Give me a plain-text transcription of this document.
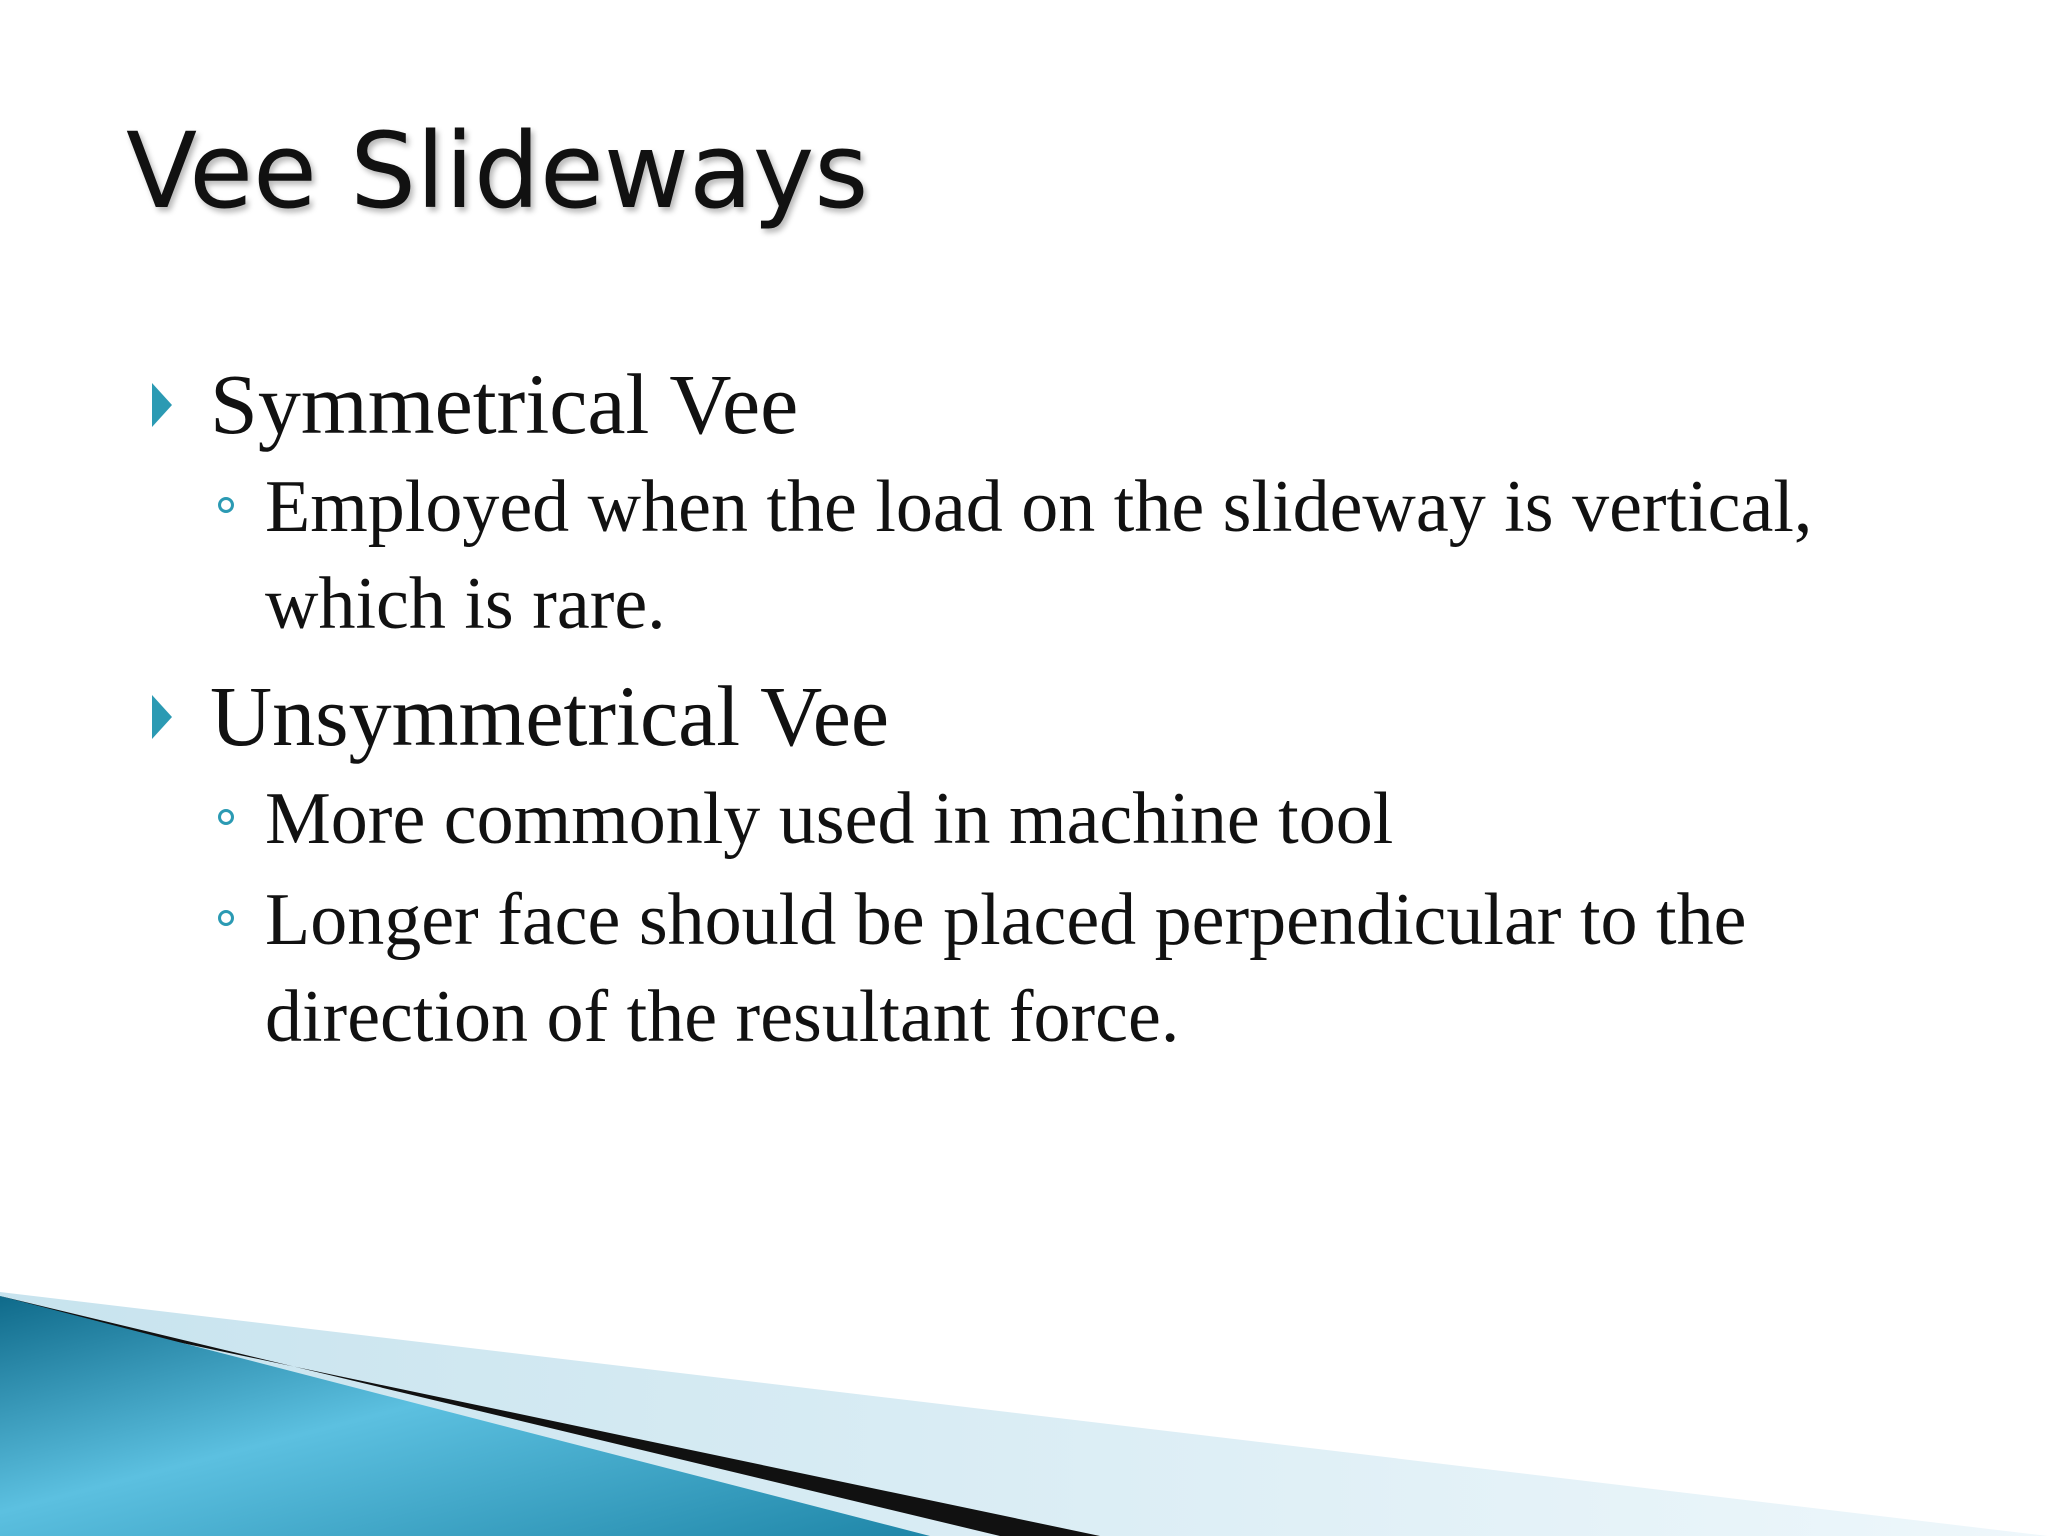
Vee Slideways
Symmetrical Vee
Employed when the load on the slideway is vertical, which is rare.
Unsymmetrical Vee
More commonly used in machine tool
Longer face should be placed perpendicular to the direction of the resultant force.
